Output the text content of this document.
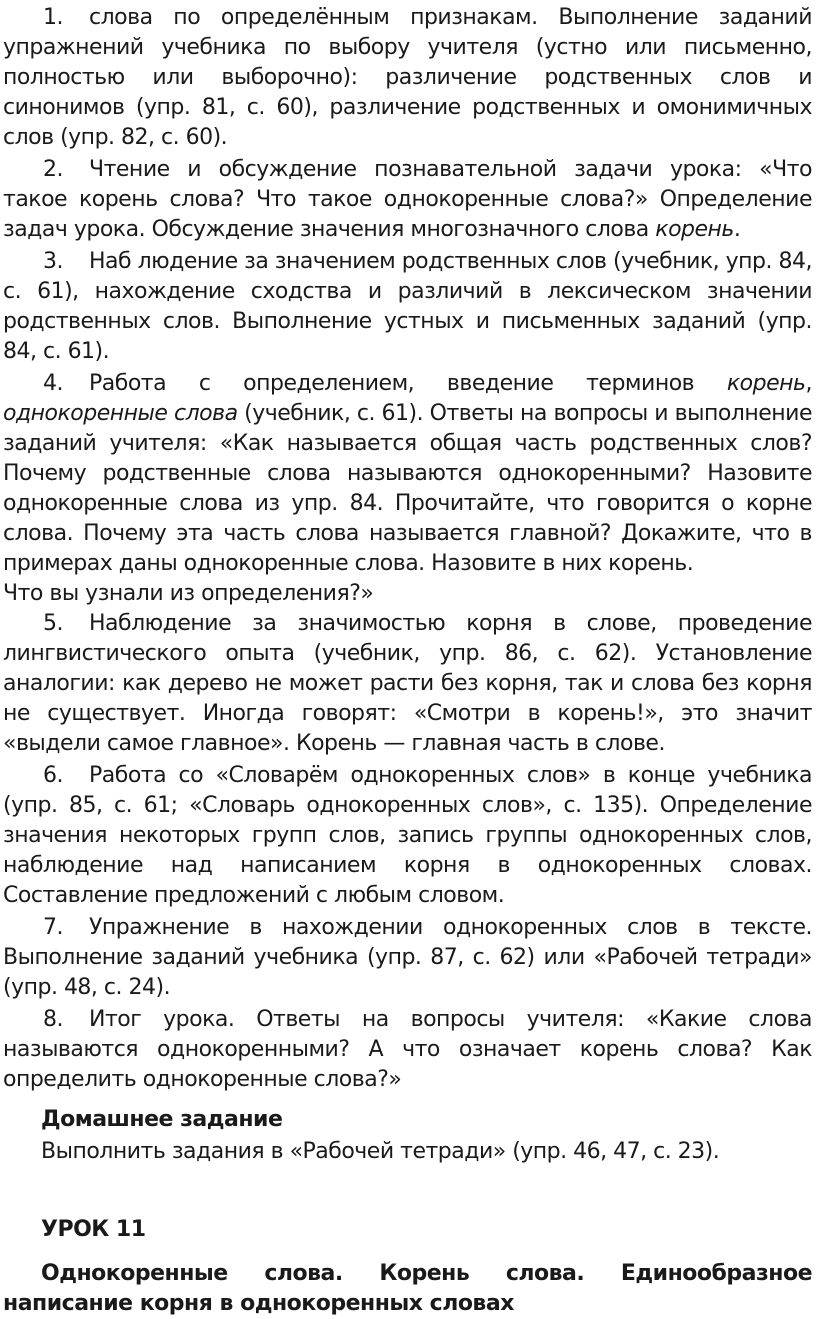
1. слова по определённым признакам. Выполнение заданий упражнений учебника по выбору учителя (устно или письменно, полностью или выборочно): различение родственных слов и синонимов (упр. 81, с. 60), различение родственных и омонимичных слов (упр. 82, с. 60).

2. Чтение и обсуждение познавательной задачи урока: «Что такое корень слова? Что такое однокоренные слова?» Определение задач урока. Обсуждение значения многозначного слова корень.

3. Наб людение за значением родственных слов (учебник, упр. 84, с. 61), нахождение сходства и различий в лексическом значении родственных слов. Выполнение устных и письменных заданий (упр. 84, с. 61).

4. Работа с определением, введение терминов корень, однокоренные слова (учебник, с. 61). Ответы на вопросы и выполнение заданий учителя: «Как называется общая часть родственных слов? Почему родственные слова называются однокоренными? Назовите однокоренные слова из упр. 84. Прочитайте, что говорится о корне слова. Почему эта часть слова называется главной? Докажите, что в примерах даны однокоренные слова. Назовите в них корень.

Что вы узнали из определения?»

5. Наблюдение за значимостью корня в слове, проведение лингвистического опыта (учебник, упр. 86, с. 62). Установление аналогии: как дерево не может расти без корня, так и слова без корня не существует. Иногда говорят: «Смотри в корень!», это значит «выдели самое главное». Корень — главная часть в слове.

6. Работа со «Словарём однокоренных слов» в конце учебника (упр. 85, с. 61; «Словарь однокоренных слов», с. 135). Определение значения некоторых групп слов, запись группы однокоренных слов, наблюдение над написанием корня в однокоренных словах. Составление предложений с любым словом.

7. Упражнение в нахождении однокоренных слов в тексте. Выполнение заданий учебника (упр. 87, с. 62) или «Рабочей тетради» (упр. 48, с. 24).

8. Итог урока. Ответы на вопросы учителя: «Какие слова называются однокоренными? А что означает корень слова? Как определить однокоренные слова?»

Домашнее задание

Выполнить задания в «Рабочей тетради» (упр. 46, 47, с. 23).

УРОК 11

Однокоренные слова. Корень слова. Единообразное написание корня в однокоренных словах
